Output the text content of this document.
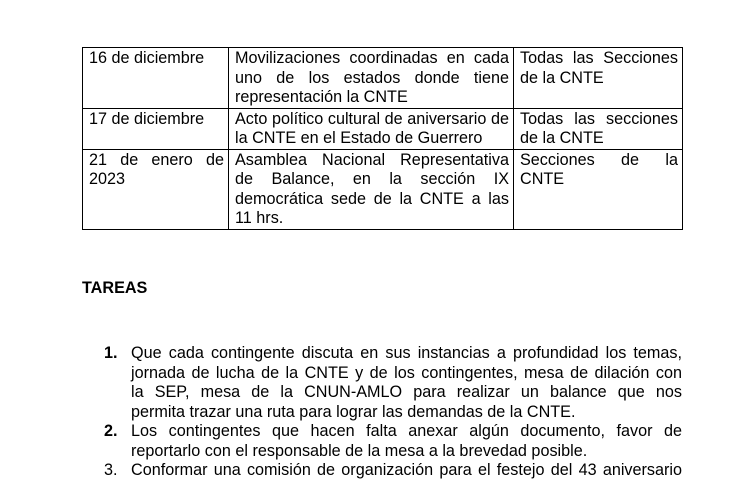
16 de diciembre	Movilizaciones coordinadas en cada uno de los estados donde tiene representación la CNTE	Todas las Secciones de la CNTE
17 de diciembre	Acto político cultural de aniversario de la CNTE en el Estado de Guerrero	Todas las secciones de la CNTE
21 de enero de 2023	Asamblea Nacional Representativa de Balance, en la sección IX democrática sede de la CNTE a las 11 hrs.	Secciones de la CNTE
TAREAS
1. Que cada contingente discuta en sus instancias a profundidad los temas,
jornada de lucha de la CNTE y de los contingentes, mesa de dilación con
la SEP, mesa de la CNUN-AMLO para realizar un balance que nos
permita trazar una ruta para lograr las demandas de la CNTE.
2. Los contingentes que hacen falta anexar algún documento, favor de
reportarlo con el responsable de la mesa a la brevedad posible.
3. Conformar una comisión de organización para el festejo del 43 aniversario
